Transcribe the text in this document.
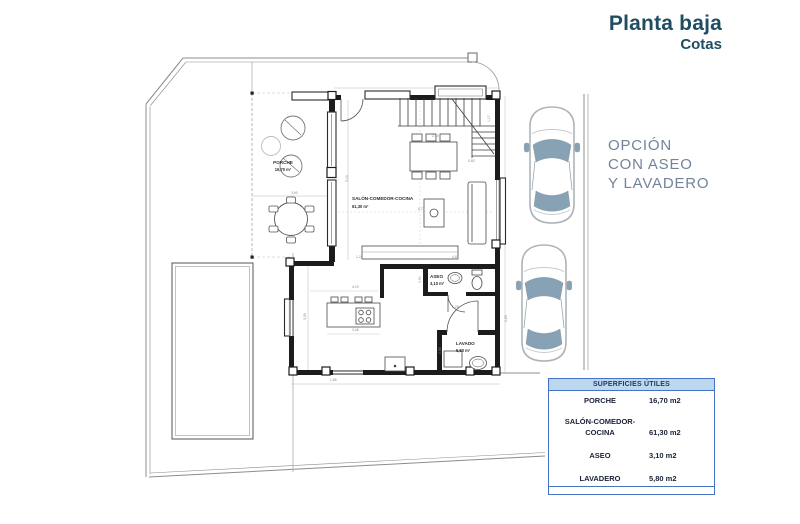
5,03
2,40
1,17
0,80
3,60
4,19
3,08
1,24	4,81
0,90
1,28
5,73
0,93
2,89
3,59
1,85
PORCHE
16,70 m²
SALÓN-COMEDOR-COCINA
61,30 m²
ASEO
3,10 m²
LAVADO
5,80 m²
Planta baja
Cotas
OPCIÓN
CON ASEO
Y LAVADERO
SUPERFICIES ÚTILES
PORCHE	16,70 m2
SALÓN-COMEDOR-
COCINA	61,30 m2
ASEO	3,10 m2
LAVADERO	5,80 m2
